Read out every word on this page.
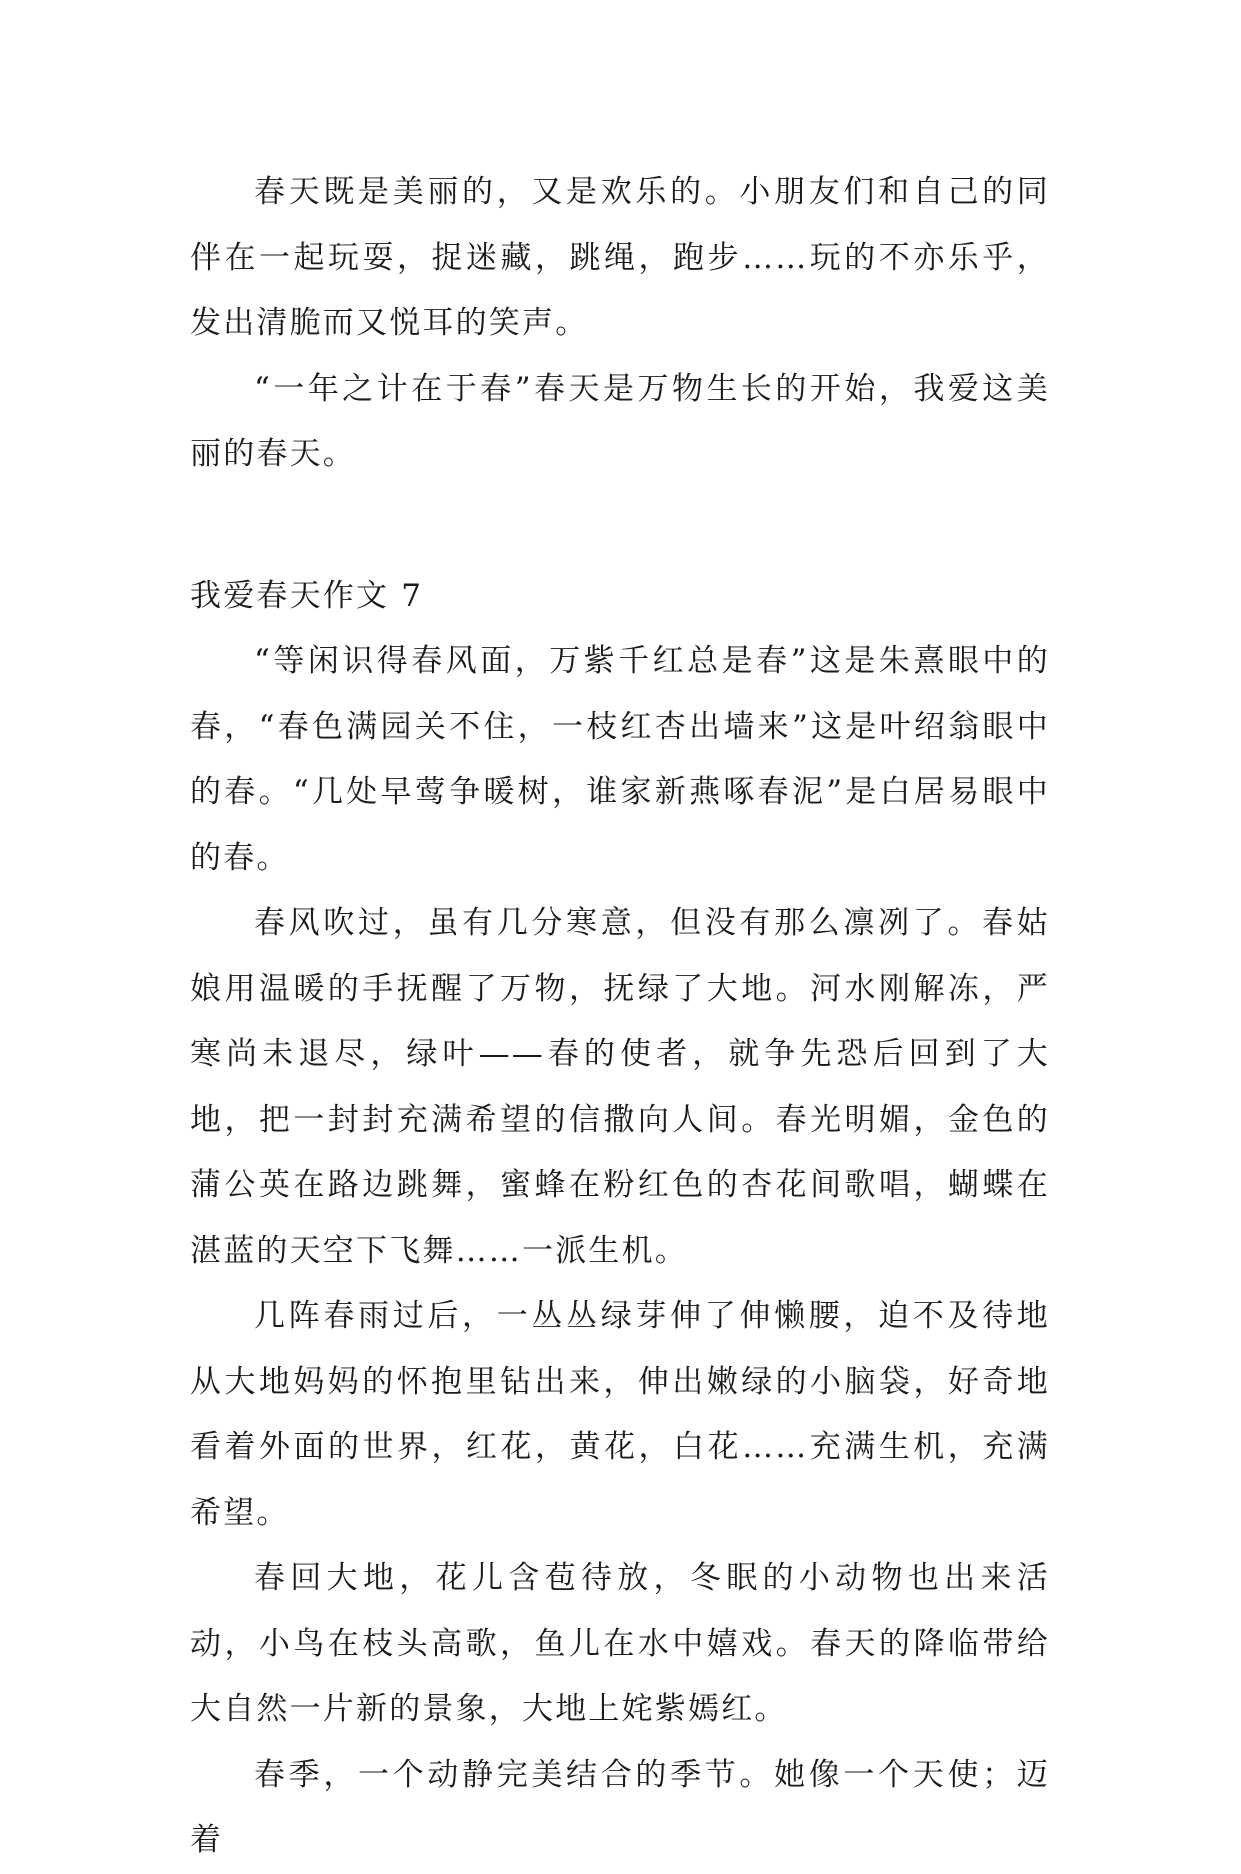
春天既是美丽的，又是欢乐的。小朋友们和自己的同伴在一起玩耍，捉迷藏，跳绳，跑步……玩的不亦乐乎，发出清脆而又悦耳的笑声。

“一年之计在于春”春天是万物生长的开始，我爱这美丽的春天。

我爱春天作文 7

“等闲识得春风面，万紫千红总是春”这是朱熹眼中的春，“春色满园关不住，一枝红杏出墙来”这是叶绍翁眼中的春。“几处早莺争暖树，谁家新燕啄春泥”是白居易眼中的春。

春风吹过，虽有几分寒意，但没有那么凛冽了。春姑娘用温暖的手抚醒了万物，抚绿了大地。河水刚解冻，严寒尚未退尽，绿叶——春的使者，就争先恐后回到了大地，把一封封充满希望的信撒向人间。春光明媚，金色的蒲公英在路边跳舞，蜜蜂在粉红色的杏花间歌唱，蝴蝶在湛蓝的天空下飞舞……一派生机。

几阵春雨过后，一丛丛绿芽伸了伸懒腰，迫不及待地从大地妈妈的怀抱里钻出来，伸出嫩绿的小脑袋，好奇地看着外面的世界，红花，黄花，白花……充满生机，充满希望。

春回大地，花儿含苞待放，冬眠的小动物也出来活动，小鸟在枝头高歌，鱼儿在水中嬉戏。春天的降临带给大自然一片新的景象，大地上姹紫嫣红。

春季，一个动静完美结合的季节。她像一个天使；迈着
